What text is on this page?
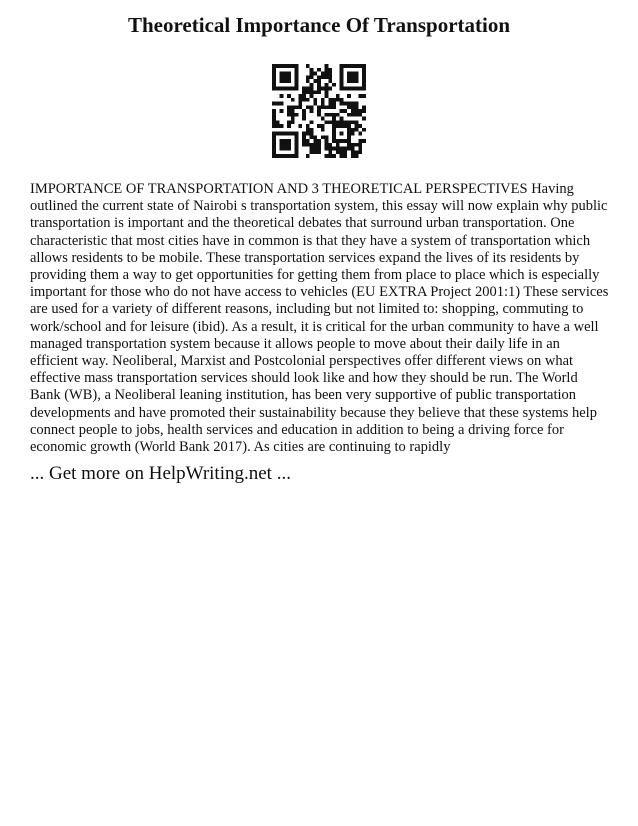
Theoretical Importance Of Transportation

IMPORTANCE OF TRANSPORTATION AND 3 THEORETICAL PERSPECTIVES Having outlined the current state of Nairobi s transportation system, this essay will now explain why public transportation is important and the theoretical debates that surround urban transportation. One characteristic that most cities have in common is that they have a system of transportation which allows residents to be mobile. These transportation services expand the lives of its residents by providing them a way to get opportunities for getting them from place to place which is especially important for those who do not have access to vehicles (EU EXTRA Project 2001:1) These services are used for a variety of different reasons, including but not limited to: shopping, commuting to work/school and for leisure (ibid). As a result, it is critical for the urban community to have a well managed transportation system because it allows people to move about their daily life in an efficient way. Neoliberal, Marxist and Postcolonial perspectives offer different views on what effective mass transportation services should look like and how they should be run. The World Bank (WB), a Neoliberal leaning institution, has been very supportive of public transportation developments and have promoted their sustainability because they believe that these systems help connect people to jobs, health services and education in addition to being a driving force for economic growth (World Bank 2017). As cities are continuing to rapidly

... Get more on HelpWriting.net ...
